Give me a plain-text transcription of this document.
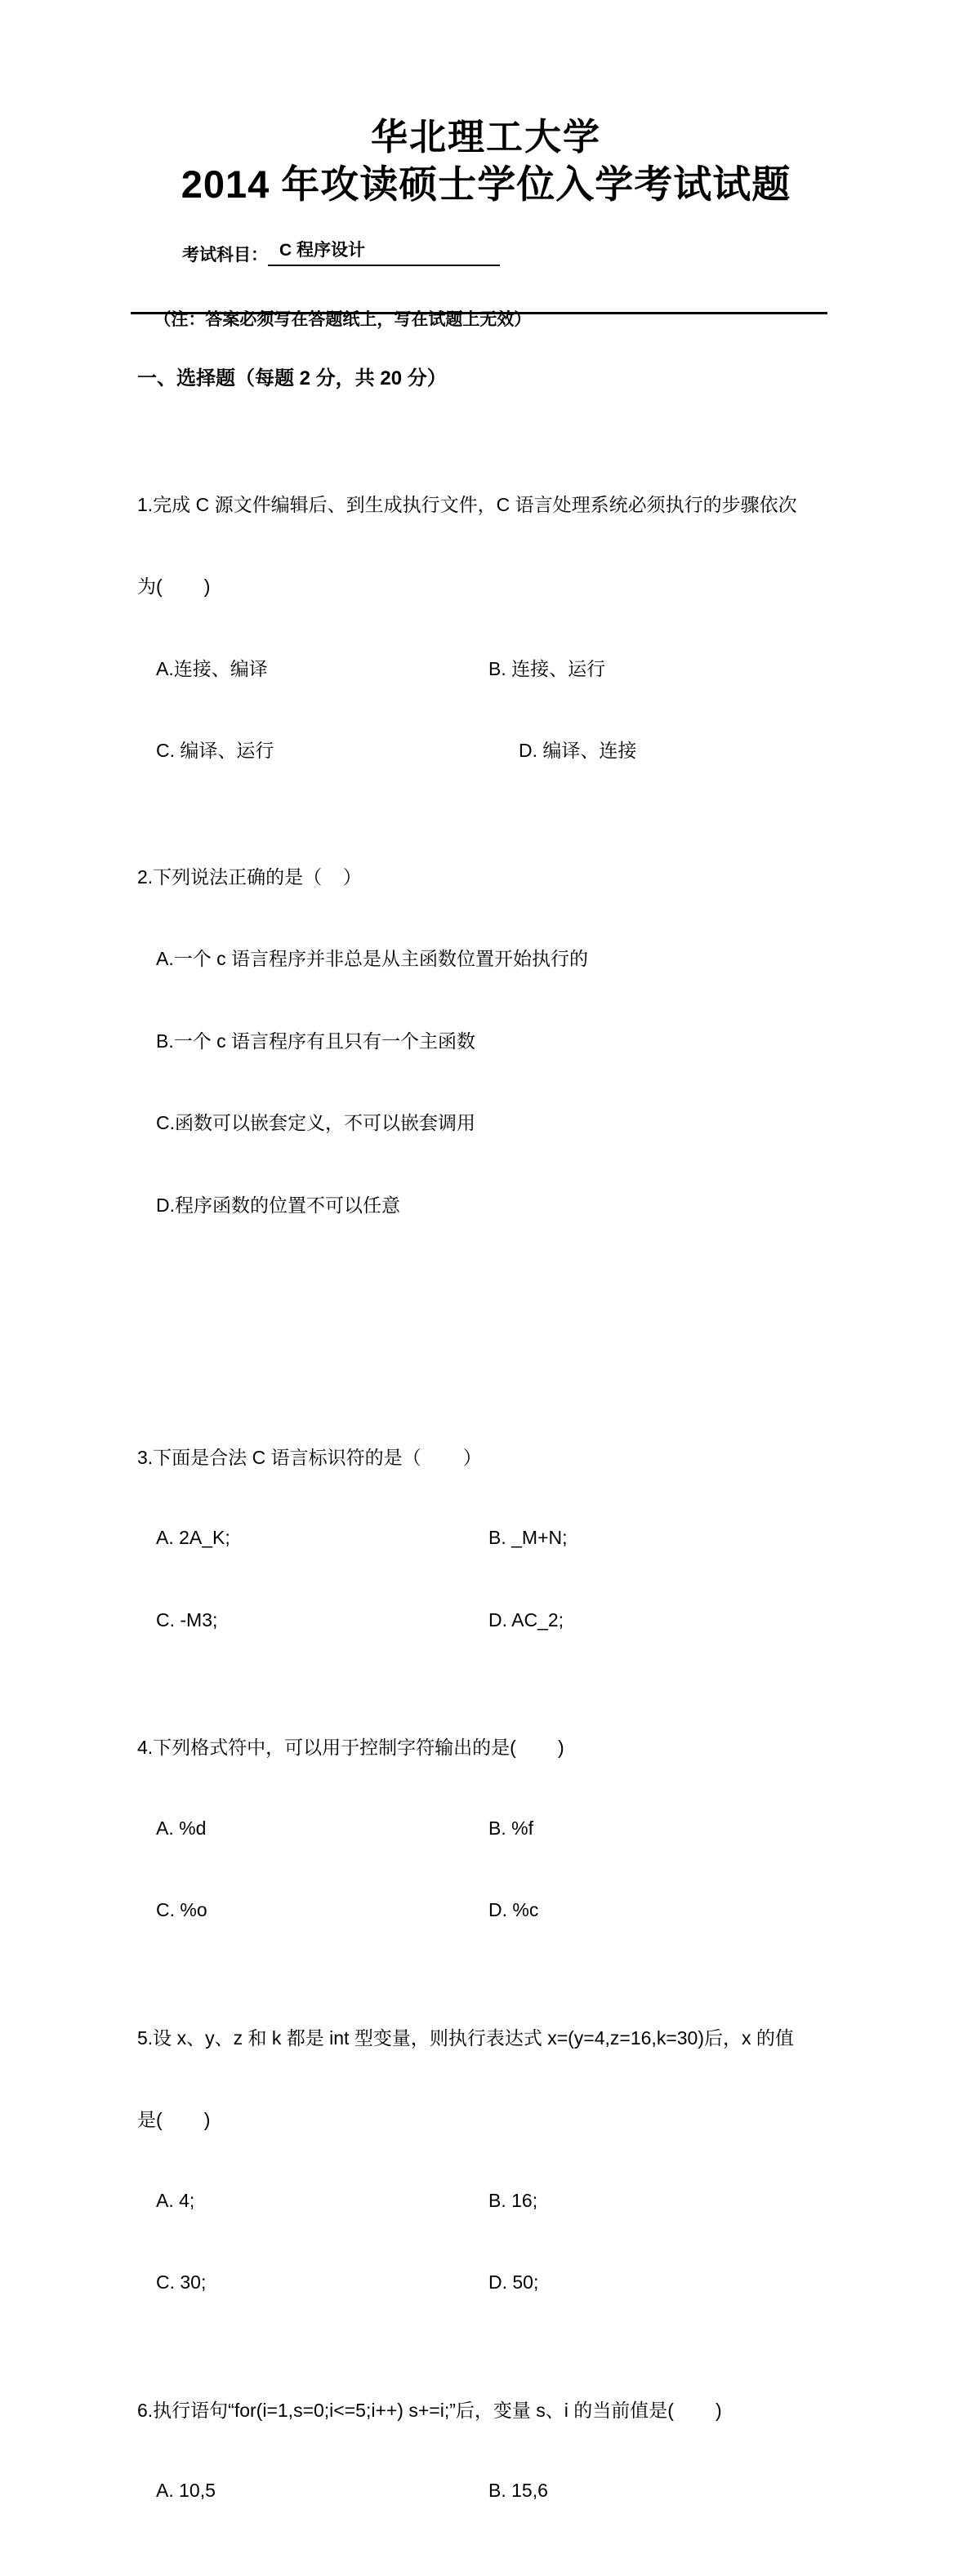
华北理工大学
2014 年攻读硕士学位入学考试试题
考试科目： C 程序设计

（注：答案必须写在答题纸上，写在试题上无效）

一、选择题（每题 2 分，共 20 分）

1.完成 C 源文件编辑后、到生成执行文件，C 语言处理系统必须执行的步骤依次

为(        )

A.连接、编译	B. 连接、运行

C. 编译、运行	D. 编译、连接

2.下列说法正确的是（    ）

A.一个 c 语言程序并非总是从主函数位置开始执行的

B.一个 c 语言程序有且只有一个主函数

C.函数可以嵌套定义，不可以嵌套调用

D.程序函数的位置不可以任意

3.下面是合法 C 语言标识符的是（        ）

A. 2A_K;	B. _M+N;

C. -M3;	D. AC_2;

4.下列格式符中，可以用于控制字符输出的是(        )

A. %d	B. %f

C. %o	D. %c

5.设 x、y、z 和 k 都是 int 型变量，则执行表达式 x=(y=4,z=16,k=30)后，x 的值

是(        )

A. 4;	B. 16;

C. 30;	D. 50;

6.执行语句“for(i=1,s=0;i<=5;i++) s+=i;”后，变量 s、i 的当前值是(        )

A. 10,5	B. 15,6
